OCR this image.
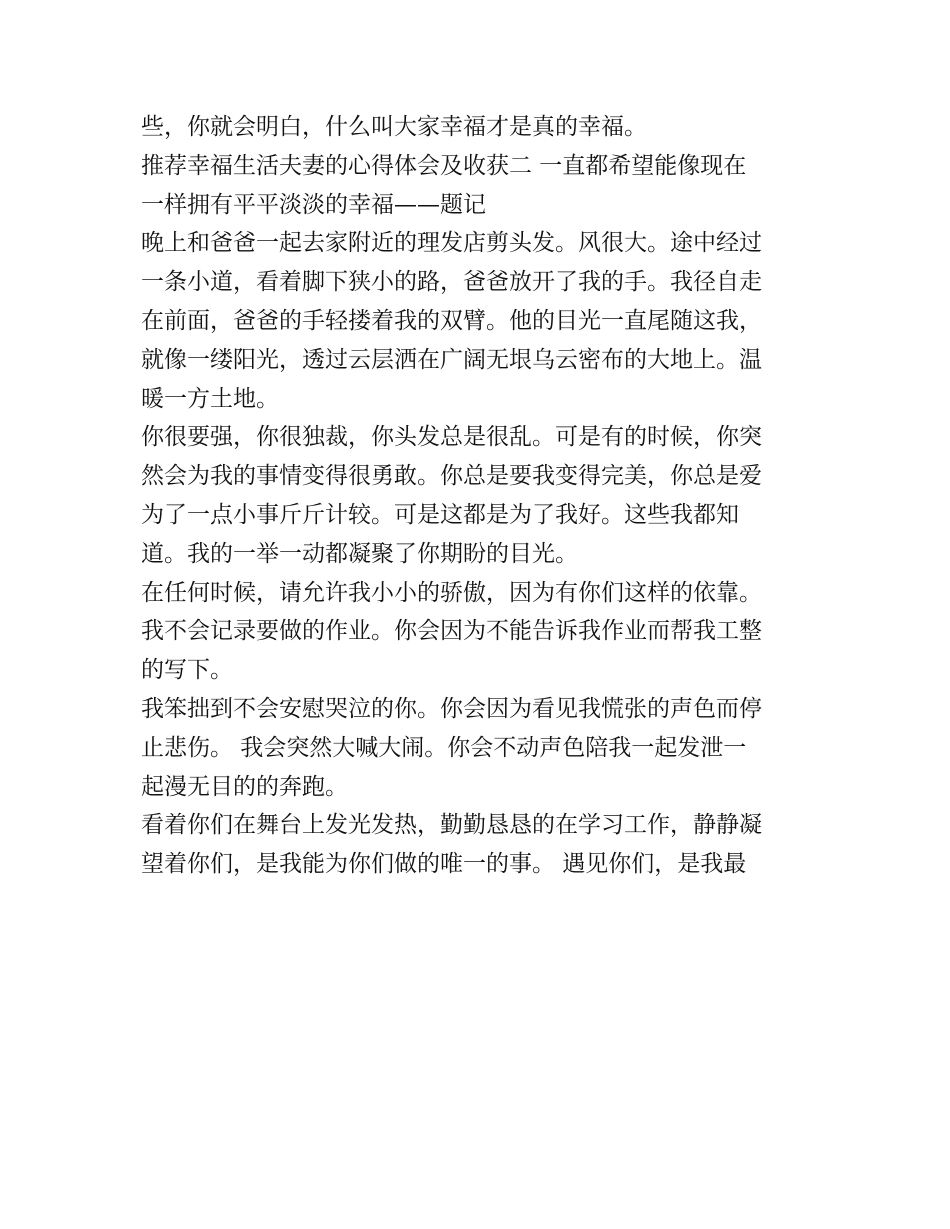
些，你就会明白，什么叫大家幸福才是真的幸福。

推荐幸福生活夫妻的心得体会及收获二 一直都希望能像现在

一样拥有平平淡淡的幸福——题记

晚上和爸爸一起去家附近的理发店剪头发。风很大。途中经过

一条小道，看着脚下狭小的路，爸爸放开了我的手。我径自走

在前面，爸爸的手轻搂着我的双臂。他的目光一直尾随这我，

就像一缕阳光，透过云层洒在广阔无垠乌云密布的大地上。温

暖一方土地。

你很要强，你很独裁，你头发总是很乱。可是有的时候，你突

然会为我的事情变得很勇敢。你总是要我变得完美，你总是爱

为了一点小事斤斤计较。可是这都是为了我好。这些我都知

道。我的一举一动都凝聚了你期盼的目光。

在任何时候，请允许我小小的骄傲，因为有你们这样的依靠。

我不会记录要做的作业。你会因为不能告诉我作业而帮我工整

的写下。

我笨拙到不会安慰哭泣的你。你会因为看见我慌张的声色而停

止悲伤。 我会突然大喊大闹。你会不动声色陪我一起发泄一

起漫无目的的奔跑。

看着你们在舞台上发光发热，勤勤恳恳的在学习工作，静静凝

望着你们，是我能为你们做的唯一的事。 遇见你们，是我最
